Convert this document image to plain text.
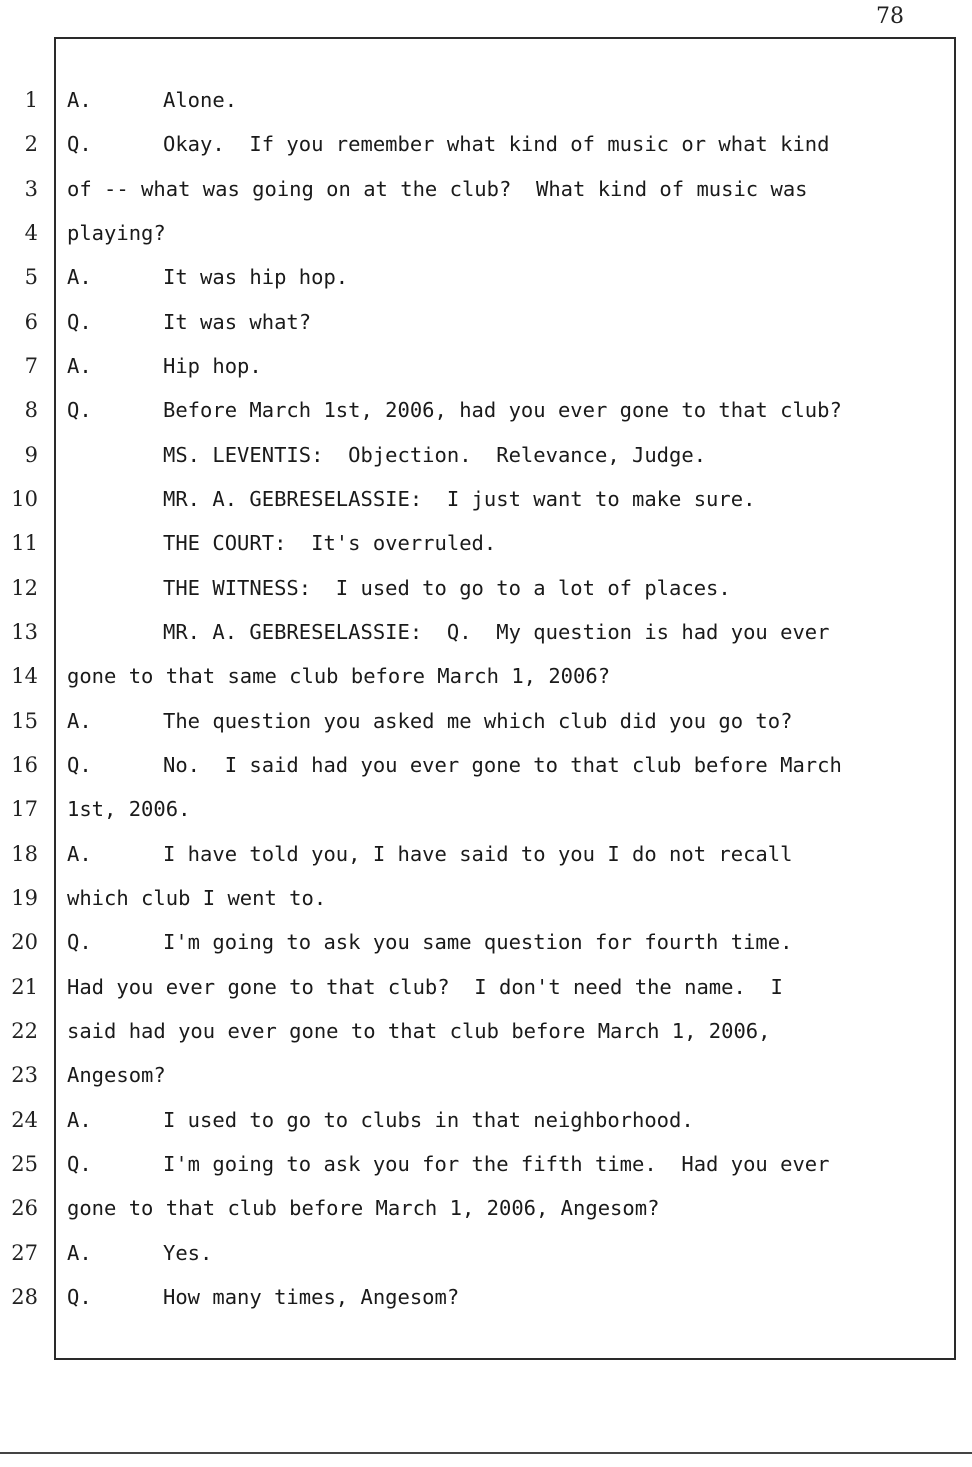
78
1
2
3
4
5
6
7
8
9
10
11
12
13
14
15
16
17
18
19
20
21
22
23
24
25
26
27
28
A.	Alone.
Q.	Okay.  If you remember what kind of music or what kind
of -- what was going on at the club?  What kind of music was
playing?
A.	It was hip hop.
Q.	It was what?
A.	Hip hop.
Q.	Before March 1st, 2006, had you ever gone to that club?
MS. LEVENTIS:  Objection.  Relevance, Judge.
MR. A. GEBRESELASSIE:  I just want to make sure.
THE COURT:  It's overruled.
THE WITNESS:  I used to go to a lot of places.
MR. A. GEBRESELASSIE:  Q.  My question is had you ever
gone to that same club before March 1, 2006?
A.	The question you asked me which club did you go to?
Q.	No.  I said had you ever gone to that club before March
1st, 2006.
A.	I have told you, I have said to you I do not recall
which club I went to.
Q.	I'm going to ask you same question for fourth time.
Had you ever gone to that club?  I don't need the name.  I
said had you ever gone to that club before March 1, 2006,
Angesom?
A.	I used to go to clubs in that neighborhood.
Q.	I'm going to ask you for the fifth time.  Had you ever
gone to that club before March 1, 2006, Angesom?
A.	Yes.
Q.	How many times, Angesom?
